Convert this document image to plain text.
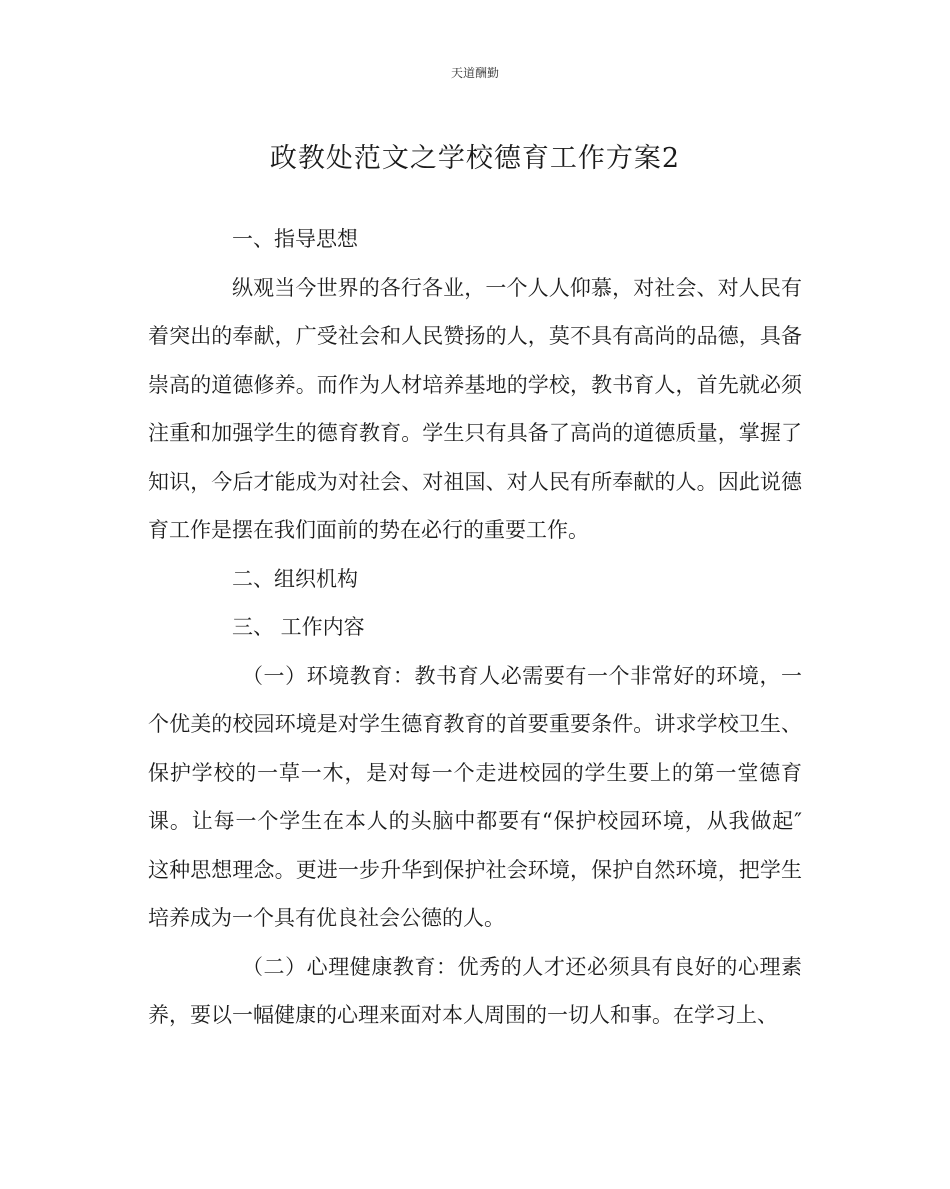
天道酬勤
政教处范文之学校德育工作方案2

一、指导思想

纵观当今世界的各行各业，一个人人仰慕，对社会、对人民有着突出的奉献，广受社会和人民赞扬的人，莫不具有高尚的品德，具备崇高的道德修养。而作为人材培养基地的学校，教书育人，首先就必须注重和加强学生的德育教育。学生只有具备了高尚的道德质量，掌握了知识，今后才能成为对社会、对祖国、对人民有所奉献的人。因此说德育工作是摆在我们面前的势在必行的重要工作。

二、组织机构

三、 工作内容

（一）环境教育：教书育人必需要有一个非常好的环境，一个优美的校园环境是对学生德育教育的首要重要条件。讲求学校卫生、保护学校的一草一木，是对每一个走进校园的学生要上的第一堂德育课。让每一个学生在本人的头脑中都要有“保护校园环境，从我做起″ 这种思想理念。更进一步升华到保护社会环境，保护自然环境，把学生培养成为一个具有优良社会公德的人。

（二）心理健康教育：优秀的人才还必须具有良好的心理素养，要以一幅健康的心理来面对本人周围的一切人和事。在学习上、
